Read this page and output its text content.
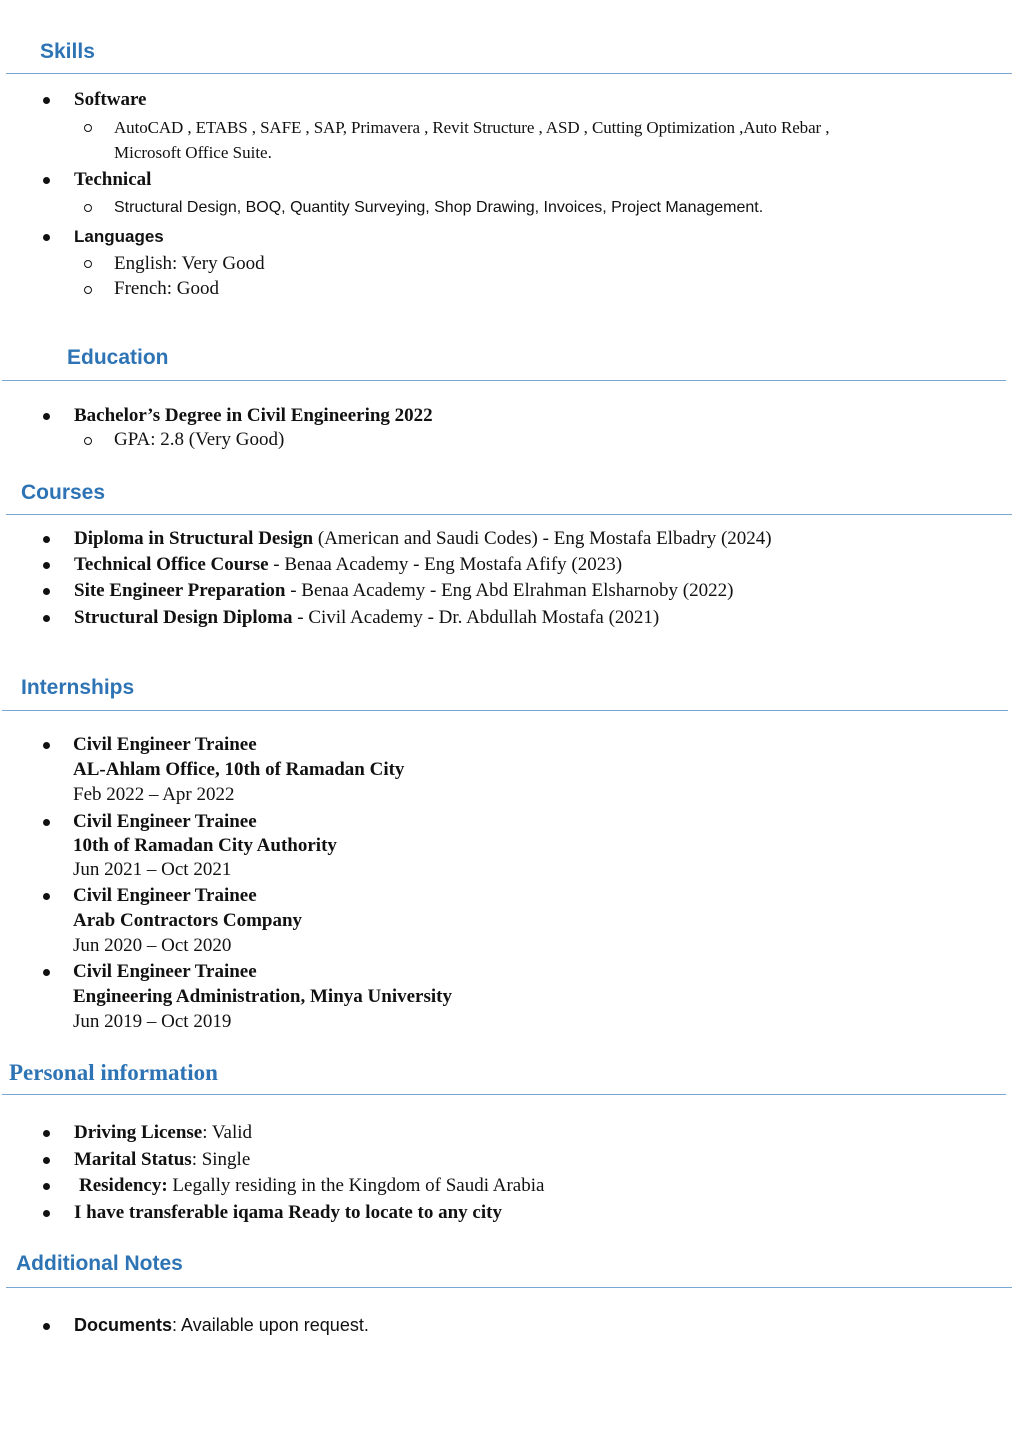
Skills
Software
AutoCAD , ETABS , SAFE , SAP, Primavera , Revit Structure , ASD , Cutting Optimization ,Auto Rebar ,
Microsoft Office Suite.
Technical
Structural Design, BOQ, Quantity Surveying, Shop Drawing, Invoices, Project Management.
Languages
English: Very Good
French: Good
Education
Bachelor’s Degree in Civil Engineering 2022
GPA: 2.8 (Very Good)
Courses
Diploma in Structural Design (American and Saudi Codes) - Eng Mostafa Elbadry (2024)
Technical Office Course - Benaa Academy - Eng Mostafa Afify (2023)
Site Engineer Preparation - Benaa Academy - Eng Abd Elrahman Elsharnoby (2022)
Structural Design Diploma - Civil Academy - Dr. Abdullah Mostafa (2021)
Internships
Civil Engineer Trainee
AL-Ahlam Office, 10th of Ramadan City
Feb 2022 – Apr 2022
Civil Engineer Trainee
10th of Ramadan City Authority
Jun 2021 – Oct 2021
Civil Engineer Trainee
Arab Contractors Company
Jun 2020 – Oct 2020
Civil Engineer Trainee
Engineering Administration, Minya University
Jun 2019 – Oct 2019
Personal information
Driving License: Valid
Marital Status: Single
Residency: Legally residing in the Kingdom of Saudi Arabia
I have transferable iqama Ready to locate to any city
Additional Notes
Documents: Available upon request.
